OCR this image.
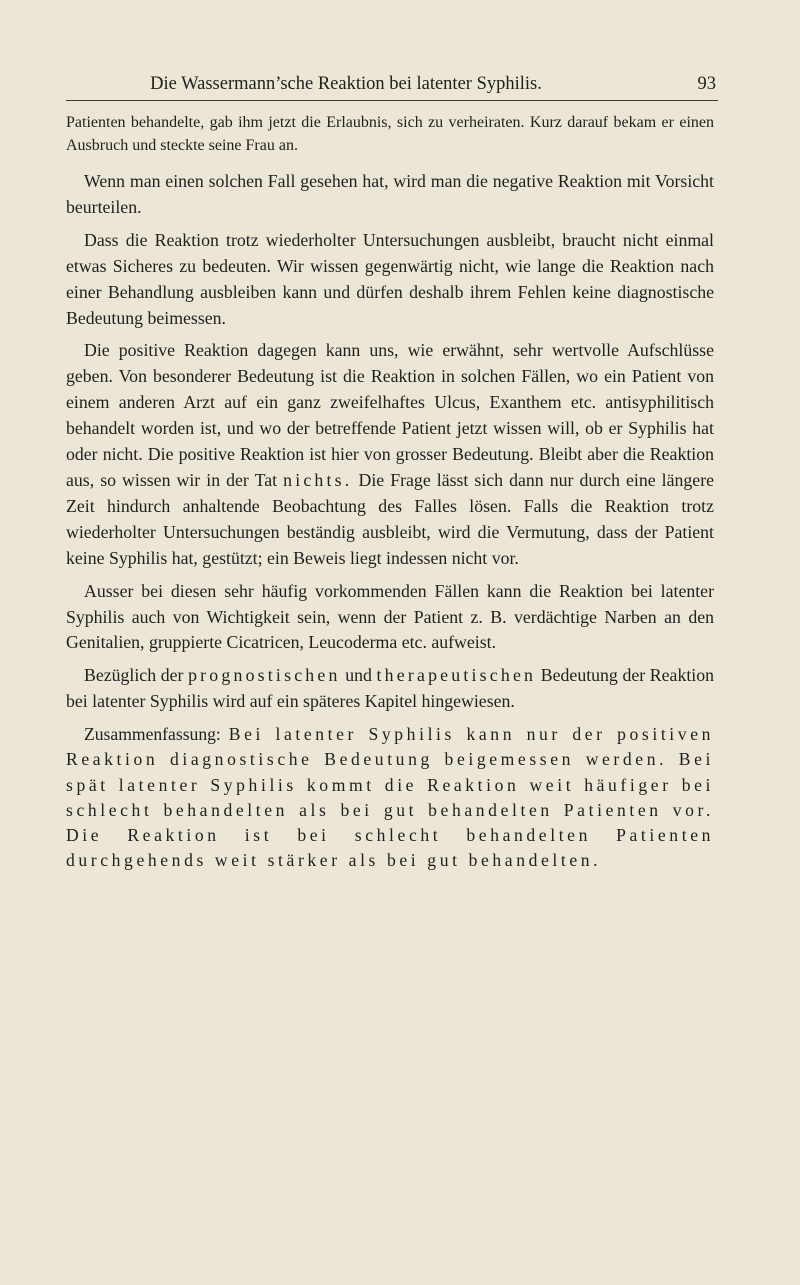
Die Wassermann’sche Reaktion bei latenter Syphilis.	93

Patienten behandelte, gab ihm jetzt die Erlaubnis, sich zu verheiraten. Kurz darauf bekam er einen Ausbruch und steckte seine Frau an.

Wenn man einen solchen Fall gesehen hat, wird man die negative Reaktion mit Vorsicht beurteilen.

Dass die Reaktion trotz wiederholter Untersuchungen ausbleibt, braucht nicht einmal etwas Sicheres zu bedeuten. Wir wissen gegenwärtig nicht, wie lange die Reaktion nach einer Behandlung ausbleiben kann und dürfen deshalb ihrem Fehlen keine diagnostische Bedeutung beimessen.

Die positive Reaktion dagegen kann uns, wie erwähnt, sehr wertvolle Aufschlüsse geben. Von besonderer Bedeutung ist die Reaktion in solchen Fällen, wo ein Patient von einem anderen Arzt auf ein ganz zweifelhaftes Ulcus, Exanthem etc. antisyphilitisch behandelt worden ist, und wo der betreffende Patient jetzt wissen will, ob er Syphilis hat oder nicht. Die positive Reaktion ist hier von grosser Bedeutung. Bleibt aber die Reaktion aus, so wissen wir in der Tat nichts. Die Frage lässt sich dann nur durch eine längere Zeit hindurch anhaltende Beobachtung des Falles lösen. Falls die Reaktion trotz wiederholter Untersuchungen beständig ausbleibt, wird die Vermutung, dass der Patient keine Syphilis hat, gestützt; ein Beweis liegt indessen nicht vor.

Ausser bei diesen sehr häufig vorkommenden Fällen kann die Reaktion bei latenter Syphilis auch von Wichtigkeit sein, wenn der Patient z. B. verdächtige Narben an den Genitalien, gruppierte Cicatricen, Leucoderma etc. aufweist.

Bezüglich der prognostischen und therapeutischen Bedeutung der Reaktion bei latenter Syphilis wird auf ein späteres Kapitel hingewiesen.

Zusammenfassung: Bei latenter Syphilis kann nur der positiven Reaktion diagnostische Bedeutung beigemessen werden. Bei spät latenter Syphilis kommt die Reaktion weit häufiger bei schlecht behandelten als bei gut behandelten Patienten vor. Die Reaktion ist bei schlecht behandelten Patienten durchgehends weit stärker als bei gut behandelten.
